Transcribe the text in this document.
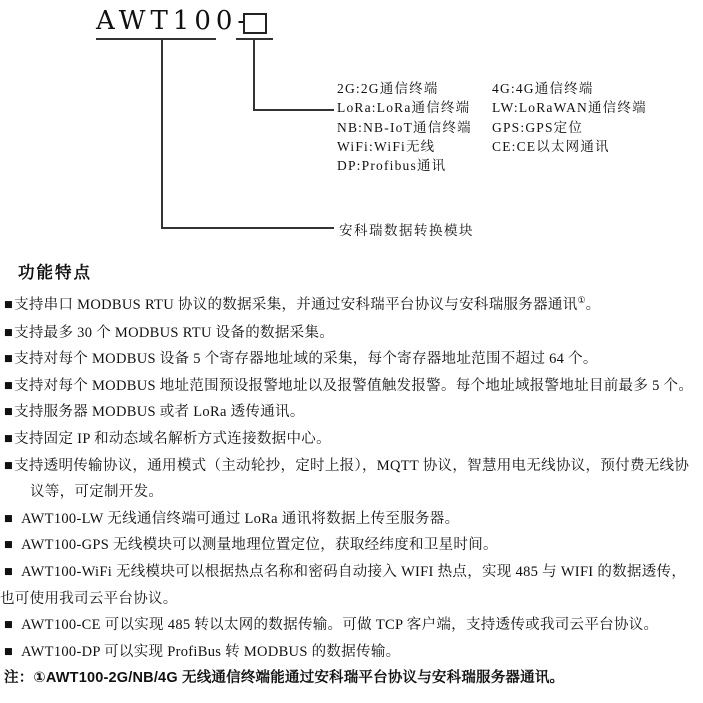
AWT100-
2G:2G通信终端
LoRa:LoRa通信终端
NB:NB-IoT通信终端
WiFi:WiFi无线
DP:Profibus通讯
4G:4G通信终端
LW:LoRaWAN通信终端
GPS:GPS定位
CE:CE以太网通讯
安科瑞数据转换模块
功能特点
■支持串口 MODBUS RTU 协议的数据采集，并通过安科瑞平台协议与安科瑞服务器通讯①。
■支持最多 30 个 MODBUS RTU 设备的数据采集。
■支持对每个 MODBUS 设备 5 个寄存器地址域的采集，每个寄存器地址范围不超过 64 个。
■支持对每个 MODBUS 地址范围预设报警地址以及报警值触发报警。每个地址域报警地址目前最多 5 个。
■支持服务器 MODBUS 或者 LoRa 透传通讯。
■支持固定 IP 和动态域名解析方式连接数据中心。
■支持透明传输协议，通用模式（主动轮抄，定时上报），MQTT 协议，智慧用电无线协议，预付费无线协议等，可定制开发。
■ AWT100-LW 无线通信终端可通过 LoRa 通讯将数据上传至服务器。
■ AWT100-GPS 无线模块可以测量地理位置定位，获取经纬度和卫星时间。
■ AWT100-WiFi 无线模块可以根据热点名称和密码自动接入 WIFI 热点，实现 485 与 WIFI 的数据透传，也可使用我司云平台协议。
■ AWT100-CE 可以实现 485 转以太网的数据传输。可做 TCP 客户端，支持透传或我司云平台协议。
■ AWT100-DP 可以实现 ProfiBus 转 MODBUS 的数据传输。
注：①AWT100-2G/NB/4G 无线通信终端能通过安科瑞平台协议与安科瑞服务器通讯。
